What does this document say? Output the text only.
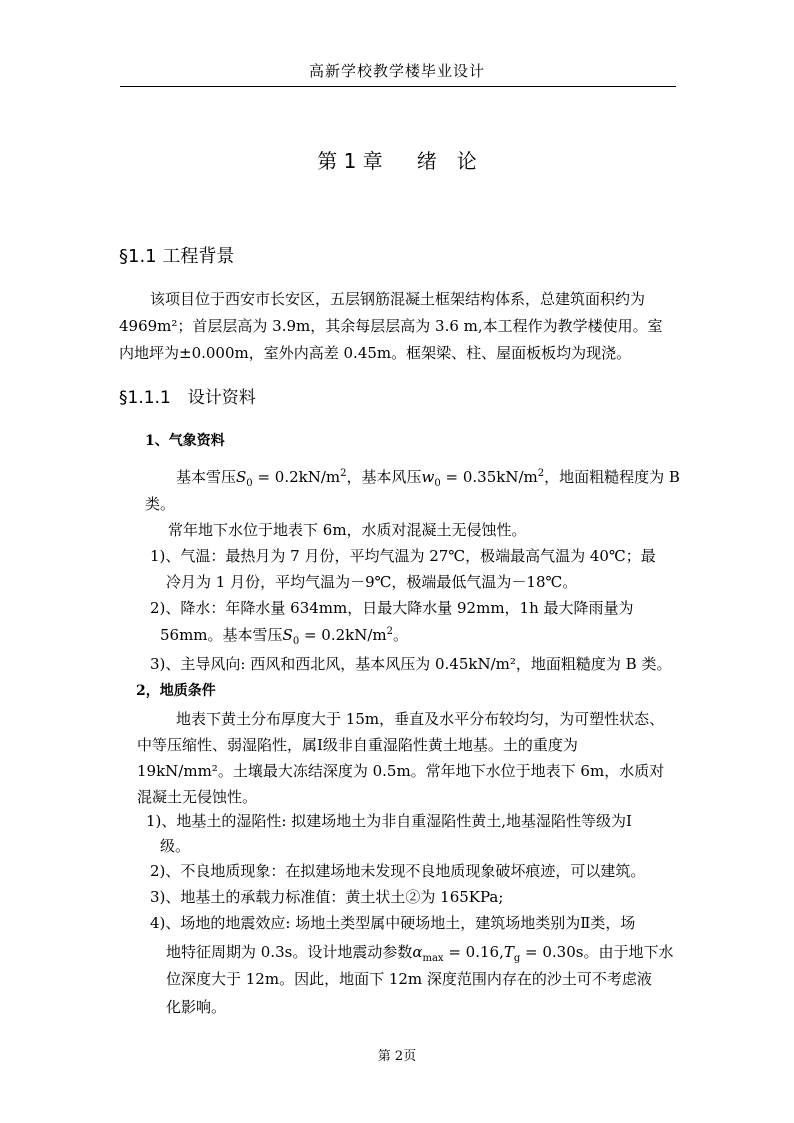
高新学校教学楼毕业设计
第 1 章 绪　论
§1.1 工程背景
该项目位于西安市长安区，五层钢筋混凝土框架结构体系，总建筑面积约为
4969m²；首层层高为 3.9m，其余每层层高为 3.6 m,本工程作为教学楼使用。室
内地坪为±0.000m，室外内高差 0.45m。框架梁、柱、屋面板板均为现浇。
§1.1.1　设计资料
1、气象资料
基本雪压$S_0 = 0.2kN/m^2$，基本风压$w_0 = 0.35kN/m^2$，地面粗糙程度为 B
类。
常年地下水位于地表下 6m，水质对混凝土无侵蚀性。
1)、气温：最热月为 7 月份，平均气温为 27℃，极端最高气温为 40℃；最
冷月为 1 月份，平均气温为－9℃，极端最低气温为－18℃。
2)、降水：年降水量 634mm，日最大降水量 92mm，1h 最大降雨量为
56mm。基本雪压$S_0 = 0.2kN/m^2$。
3)、主导风向: 西风和西北风，基本风压为 0.45kN/m²，地面粗糙度为 B 类。
2，地质条件
地表下黄土分布厚度大于 15m，垂直及水平分布较均匀，为可塑性状态、
中等压缩性、弱湿陷性，属Ⅰ级非自重湿陷性黄土地基。土的重度为
19kN/mm²。土壤最大冻结深度为 0.5m。常年地下水位于地表下 6m，水质对
混凝土无侵蚀性。
1)、地基土的湿陷性: 拟建场地土为非自重湿陷性黄土,地基湿陷性等级为Ⅰ
级。
2)、不良地质现象：在拟建场地未发现不良地质现象破坏痕迹，可以建筑。
3)、地基土的承载力标准值：黄土状土②为 165KPa;
4)、场地的地震效应: 场地土类型属中硬场地土，建筑场地类别为Ⅱ类，场
地特征周期为 0.3s。设计地震动参数$\alpha_{max} = 0.16,T_g = 0.30s$。由于地下水
位深度大于 12m。因此，地面下 12m 深度范围内存在的沙土可不考虑液
化影响。
第 2页
